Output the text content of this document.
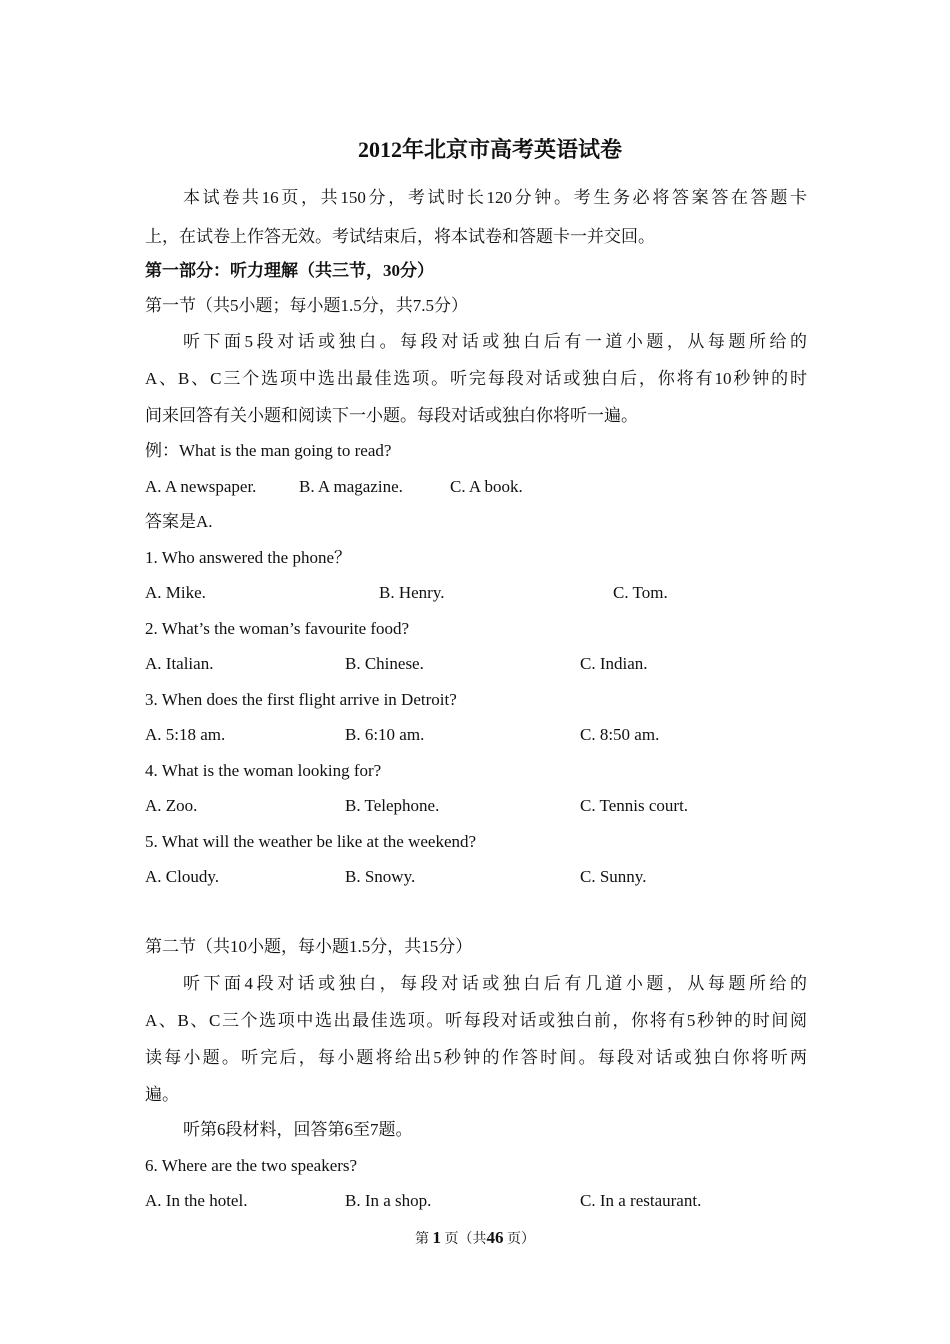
2012年北京市高考英语试卷
本试卷共16页，共150分，考试时长120分钟。考生务必将答案答在答题卡
上，在试卷上作答无效。考试结束后，将本试卷和答题卡一并交回。
第一部分：听力理解（共三节，30分）
第一节（共5小题；每小题1.5分，共7.5分）
听下面5段对话或独白。每段对话或独白后有一道小题，从每题所给的
A、B、C三个选项中选出最佳选项。听完每段对话或独白后，你将有10秒钟的时
间来回答有关小题和阅读下一小题。每段对话或独白你将听一遍。
例：What is the man going to read?
A. A newspaper.	B. A magazine.	C. A book.
答案是A.
1. Who answered the phone？
A. Mike.	B. Henry.	C. Tom.
2. What’s the woman’s favourite food?
A. Italian.	B. Chinese.	C. Indian.
3. When does the first flight arrive in Detroit?
A. 5:18 am.	B. 6:10 am.	C. 8:50 am.
4. What is the woman looking for?
A. Zoo.	B. Telephone.	C. Tennis court.
5. What will the weather be like at the weekend?
A. Cloudy.	B. Snowy.	C. Sunny.
第二节（共10小题，每小题1.5分，共15分）
听下面4段对话或独白，每段对话或独白后有几道小题，从每题所给的
A、B、C三个选项中选出最佳选项。听每段对话或独白前，你将有5秒钟的时间阅
读每小题。听完后，每小题将给出5秒钟的作答时间。每段对话或独白你将听两
遍。
听第6段材料，回答第6至7题。
6. Where are the two speakers?
A. In the hotel.	B. In a shop.	C. In a restaurant.
第 1 页（共46 页）
